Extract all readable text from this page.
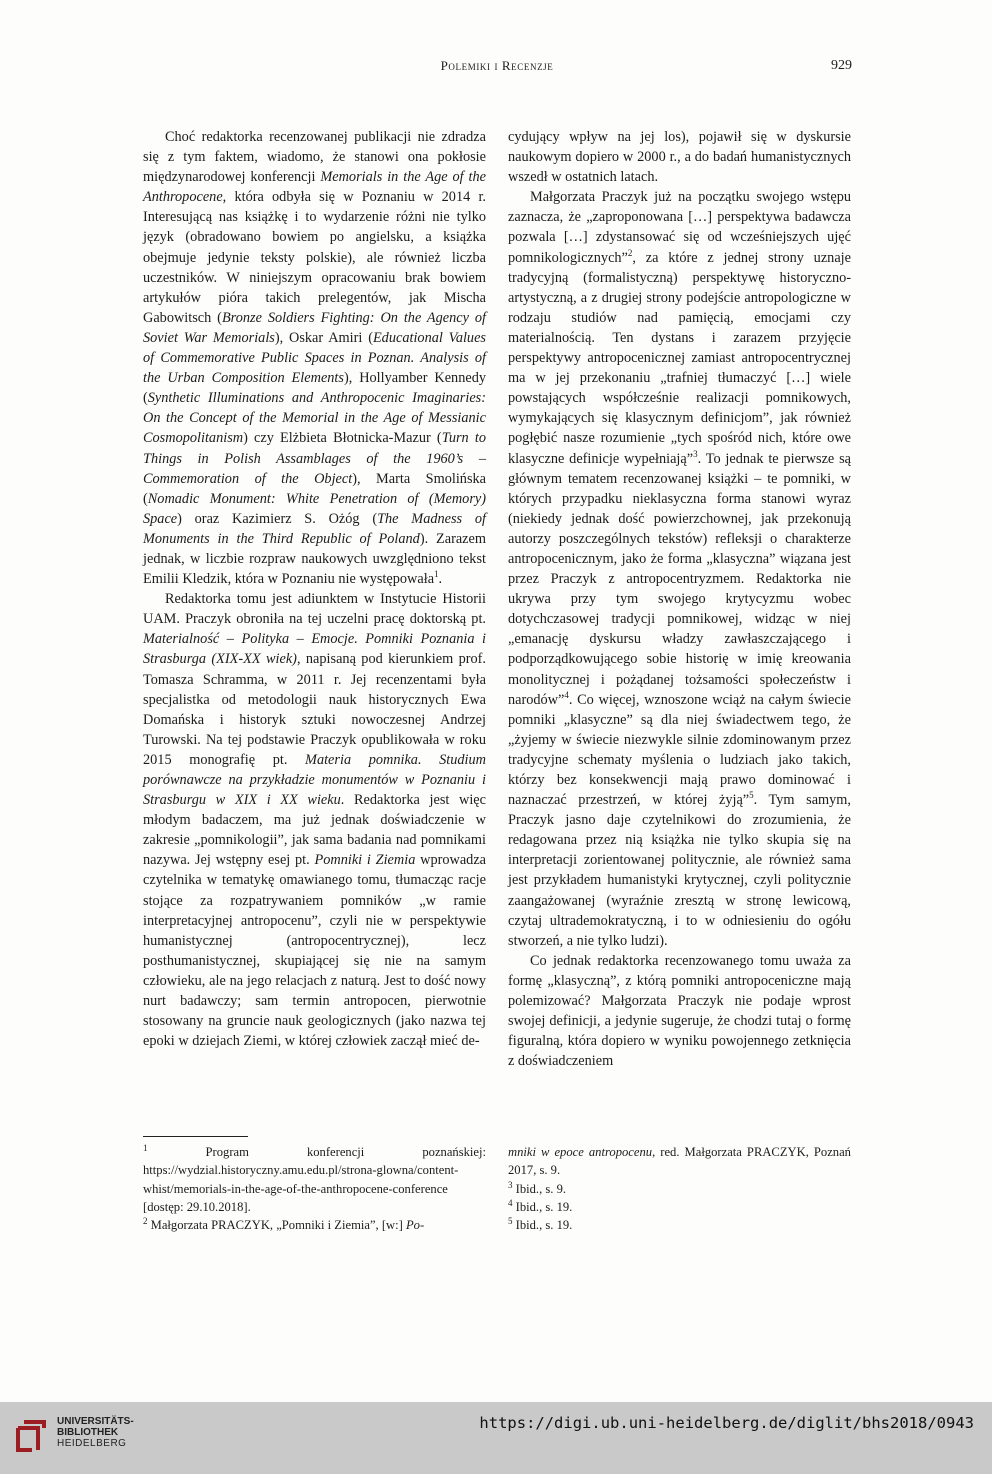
Polemiki i Recenzje	929

Choć redaktorka recenzowanej publikacji nie zdradza się z tym faktem, wiadomo, że stanowi ona pokłosie międzynarodowej konferencji Memorials in the Age of the Anthropocene, która odbyła się w Poznaniu w 2014 r. Interesującą nas książkę i to wydarzenie różni nie tylko język (obradowano bowiem po angielsku, a książka obejmuje jedynie teksty polskie), ale również liczba uczestników. W niniejszym opracowaniu brak bowiem artykułów pióra takich prelegentów, jak Mischa Gabowitsch (Bronze Soldiers Fighting: On the Agency of Soviet War Memorials), Oskar Amiri (Educational Values of Commemorative Public Spaces in Poznan. Analysis of the Urban Composition Elements), Hollyamber Kennedy (Synthetic Illuminations and Anthropocenic Imaginaries: On the Concept of the Memorial in the Age of Messianic Cosmopolitanism) czy Elżbieta Błotnicka-Mazur (Turn to Things in Polish Assamblages of the 1960’s – Commemoration of the Object), Marta Smolińska (Nomadic Monument: White Penetration of (Memory) Space) oraz Kazimierz S. Ożóg (The Madness of Monuments in the Third Republic of Poland). Zarazem jednak, w liczbie rozpraw naukowych uwzględniono tekst Emilii Kledzik, która w Poznaniu nie występowała$^1$.

Redaktorka tomu jest adiunktem w Instytucie Historii UAM. Praczyk obroniła na tej uczelni pracę doktorską pt. Materialność – Polityka – Emocje. Pomniki Poznania i Strasburga (XIX-XX wiek), napisaną pod kierunkiem prof. Tomasza Schramma, w 2011 r. Jej recenzentami była specjalistka od metodologii nauk historycznych Ewa Domańska i historyk sztuki nowoczesnej Andrzej Turowski. Na tej podstawie Praczyk opublikowała w roku 2015 monografię pt. Materia pomnika. Studium porównawcze na przykładzie monumentów w Poznaniu i Strasburgu w XIX i XX wieku. Redaktorka jest więc młodym badaczem, ma już jednak doświadczenie w zakresie „pomnikologii”, jak sama badania nad pomnikami nazywa. Jej wstępny esej pt. Pomniki i Ziemia wprowadza czytelnika w tematykę omawianego tomu, tłumacząc racje stojące za rozpatrywaniem pomników „w ramie interpretacyjnej antropocenu”, czyli nie w perspektywie humanistycznej (antropocentrycznej), lecz posthumanistycznej, skupiającej się nie na samym człowieku, ale na jego relacjach z naturą. Jest to dość nowy nurt badawczy; sam termin antropocen, pierwotnie stosowany na gruncie nauk geologicznych (jako nazwa tej epoki w dziejach Ziemi, w której człowiek zaczął mieć de-

cydujący wpływ na jej los), pojawił się w dyskursie naukowym dopiero w 2000 r., a do badań humanistycznych wszedł w ostatnich latach.

Małgorzata Praczyk już na początku swojego wstępu zaznacza, że „zaproponowana […] perspektywa badawcza pozwala […] zdystansować się od wcześniejszych ujęć pomnikologicznych”$^2$, za które z jednej strony uznaje tradycyjną (formalistyczną) perspektywę historyczno-artystyczną, a z drugiej strony podejście antropologiczne w rodzaju studiów nad pamięcią, emocjami czy materialnością. Ten dystans i zarazem przyjęcie perspektywy antropocenicznej zamiast antropocentrycznej ma w jej przekonaniu „trafniej tłumaczyć […] wiele powstających współcześnie realizacji pomnikowych, wymykających się klasycznym definicjom”, jak również pogłębić nasze rozumienie „tych spośród nich, które owe klasyczne definicje wypełniają”$^3$. To jednak te pierwsze są głównym tematem recenzowanej książki – te pomniki, w których przypadku nieklasyczna forma stanowi wyraz (niekiedy jednak dość powierzchownej, jak przekonują autorzy poszczególnych tekstów) refleksji o charakterze antropocenicznym, jako że forma „klasyczna” wiązana jest przez Praczyk z antropocentryzmem. Redaktorka nie ukrywa przy tym swojego krytycyzmu wobec dotychczasowej tradycji pomnikowej, widząc w niej „emanację dyskursu władzy zawłaszczającego i podporządkowującego sobie historię w imię kreowania monolitycznej i pożądanej tożsamości społeczeństw i narodów”$^4$. Co więcej, wznoszone wciąż na całym świecie pomniki „klasyczne” są dla niej świadectwem tego, że „żyjemy w świecie niezwykle silnie zdominowanym przez tradycyjne schematy myślenia o ludziach jako takich, którzy bez konsekwencji mają prawo dominować i naznaczać przestrzeń, w której żyją”$^5$. Tym samym, Praczyk jasno daje czytelnikowi do zrozumienia, że redagowana przez nią książka nie tylko skupia się na interpretacji zorientowanej politycznie, ale również sama jest przykładem humanistyki krytycznej, czyli politycznie zaangażowanej (wyraźnie zresztą w stronę lewicową, czytaj ultrademokratyczną, i to w odniesieniu do ogółu stworzeń, a nie tylko ludzi).

Co jednak redaktorka recenzowanego tomu uważa za formę „klasyczną”, z którą pomniki antropoceniczne mają polemizować? Małgorzata Praczyk nie podaje wprost swojej definicji, a jedynie sugeruje, że chodzi tutaj o formę figuralną, która dopiero w wyniku powojennego zetknięcia z doświadczeniem

$^1$ Program konferencji poznańskiej: https://wydzial.historyczny.amu.edu.pl/strona-glowna/content-whist/memorials-in-the-age-of-the-anthropocene-conference [dostęp: 29.10.2018].

$^2$ Małgorzata PRACZYK, „Pomniki i Ziemia”, [w:] Po-

mniki w epoce antropocenu, red. Małgorzata PRACZYK, Poznań 2017, s. 9.

$^3$ Ibid., s. 9.

$^4$ Ibid., s. 19.

$^5$ Ibid., s. 19.

UNIVERSITÄTS-
BIBLIOTHEK
HEIDELBERG
https://digi.ub.uni-heidelberg.de/diglit/bhs2018/0943
